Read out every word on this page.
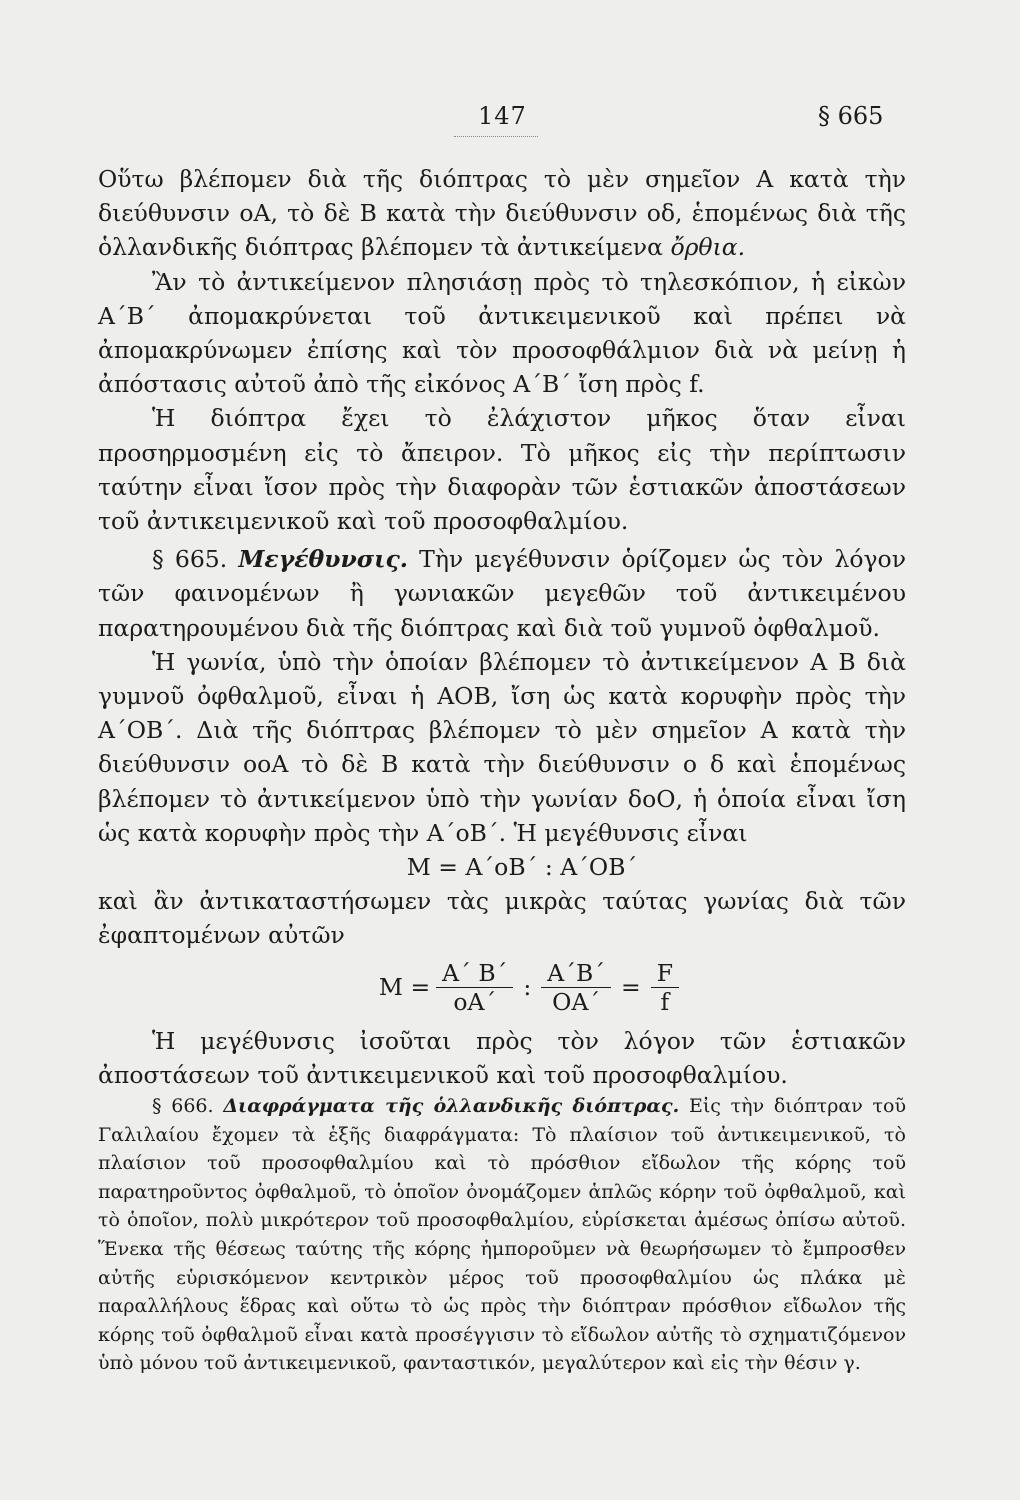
147	§ 665

Οὕτω βλέπομεν διὰ τῆς διόπτρας τὸ μὲν σημεῖον Α κατὰ τὴν διεύθυνσιν οΑ, τὸ δὲ Β κατὰ τὴν διεύθυνσιν οδ, ἑπομένως διὰ τῆς ὁλλανδικῆς διόπτρας βλέπομεν τὰ ἀντικείμενα ὄρθια.

Ἂν τὸ ἀντικείμενον πλησιάσῃ πρὸς τὸ τηλεσκόπιον, ἡ εἰκὼν Α΄Β΄ ἀπομακρύνεται τοῦ ἀντικειμενικοῦ καὶ πρέπει νὰ ἀπομακρύνωμεν ἐπίσης καὶ τὸν προσοφθάλμιον διὰ νὰ μείνῃ ἡ ἀπόστασις αὐτοῦ ἀπὸ τῆς εἰκόνος Α΄Β΄ ἴση πρὸς f.

Ἡ διόπτρα ἔχει τὸ ἐλάχιστον μῆκος ὅταν εἶναι προσηρμοσμένη εἰς τὸ ἄπειρον. Τὸ μῆκος εἰς τὴν περίπτωσιν ταύτην εἶναι ἴσον πρὸς τὴν διαφορὰν τῶν ἑστιακῶν ἀποστάσεων τοῦ ἀντικειμενικοῦ καὶ τοῦ προσοφθαλμίου.

§ 665. Μεγέθυνσις. Τὴν μεγέθυνσιν ὁρίζομεν ὡς τὸν λόγον τῶν φαινομένων ἢ γωνιακῶν μεγεθῶν τοῦ ἀντικειμένου παρατηρουμένου διὰ τῆς διόπτρας καὶ διὰ τοῦ γυμνοῦ ὀφθαλμοῦ.

Ἡ γωνία, ὑπὸ τὴν ὁποίαν βλέπομεν τὸ ἀντικείμενον Α Β διὰ γυμνοῦ ὀφθαλμοῦ, εἶναι ἡ ΑΟΒ, ἴση ὡς κατὰ κορυφὴν πρὸς τὴν Α΄ΟΒ΄. Διὰ τῆς διόπτρας βλέπομεν τὸ μὲν σημεῖον Α κατὰ τὴν διεύθυνσιν οοΑ τὸ δὲ Β κατὰ τὴν διεύθυνσιν ο δ καὶ ἑπομένως βλέπομεν τὸ ἀντικείμενον ὑπὸ τὴν γωνίαν δοΟ, ἡ ὁποία εἶναι ἴση ὡς κατὰ κορυφὴν πρὸς τὴν Α΄οΒ΄. Ἡ μεγέθυνσις εἶναι

Μ = Α΄οΒ΄ : Α΄ΟΒ΄

καὶ ἂν ἀντικαταστήσωμεν τὰς μικρὰς ταύτας γωνίας διὰ τῶν ἐφαπτομένων αὐτῶν

$M = \frac{A΄ B΄}{oA΄}$ : $\frac{A΄B΄}{OA΄} = \frac{F}{f}$

Ἡ μεγέθυνσις ἰσοῦται πρὸς τὸν λόγον τῶν ἑστιακῶν ἀποστάσεων τοῦ ἀντικειμενικοῦ καὶ τοῦ προσοφθαλμίου.

§ 666. Διαφράγματα τῆς ὁλλανδικῆς διόπτρας. Εἰς τὴν διόπτραν τοῦ Γαλιλαίου ἔχομεν τὰ ἑξῆς διαφράγματα: Τὸ πλαίσιον τοῦ ἀντικειμενικοῦ, τὸ πλαίσιον τοῦ προσοφθαλμίου καὶ τὸ πρόσθιον εἴδωλον τῆς κόρης τοῦ παρατηροῦντος ὀφθαλμοῦ, τὸ ὁποῖον ὀνομάζομεν ἁπλῶς κόρην τοῦ ὀφθαλμοῦ, καὶ τὸ ὁποῖον, πολὺ μικρότερον τοῦ προσοφθαλμίου, εὑρίσκεται ἀμέσως ὀπίσω αὐτοῦ. Ἕνεκα τῆς θέσεως ταύτης τῆς κόρης ἠμποροῦμεν νὰ θεωρήσωμεν τὸ ἔμπροσθεν αὐτῆς εὑρισκόμενον κεντρικὸν μέρος τοῦ προσοφθαλμίου ὡς πλάκα μὲ παραλλήλους ἕδρας καὶ οὕτω τὸ ὡς πρὸς τὴν διόπτραν πρόσθιον εἴδωλον τῆς κόρης τοῦ ὀφθαλμοῦ εἶναι κατὰ προσέγγισιν τὸ εἴδωλον αὐτῆς τὸ σχηματιζόμενον ὑπὸ μόνου τοῦ ἀντικειμενικοῦ, φανταστικόν, μεγαλύτερον καὶ εἰς τὴν θέσιν γ.
